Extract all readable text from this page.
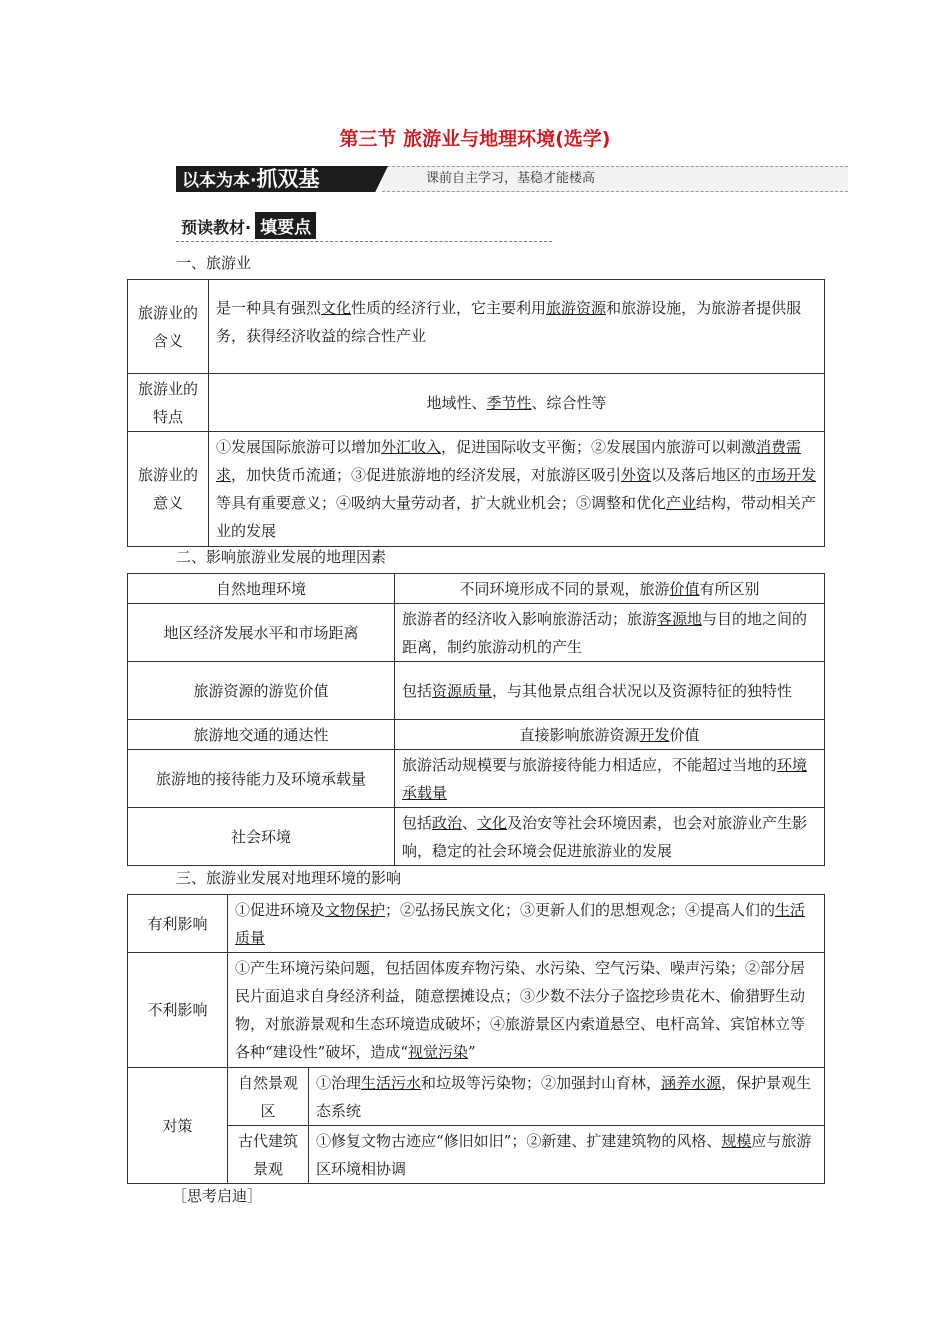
第三节 旅游业与地理环境(选学)
以本为本·抓双基	课前自主学习，基稳才能楼高
预读教材· 填要点
一、旅游业
旅游业的含义	是一种具有强烈文化性质的经济行业，它主要利用旅游资源和旅游设施，为旅游者提供服务，获得经济收益的综合性产业
旅游业的特点	地域性、季节性、综合性等
旅游业的意义	①发展国际旅游可以增加外汇收入，促进国际收支平衡；②发展国内旅游可以刺激消费需求，加快货币流通；③促进旅游地的经济发展，对旅游区吸引外资以及落后地区的市场开发等具有重要意义；④吸纳大量劳动者，扩大就业机会；⑤调整和优化产业结构，带动相关产业的发展
二、影响旅游业发展的地理因素
自然地理环境	不同环境形成不同的景观，旅游价值有所区别
地区经济发展水平和市场距离	旅游者的经济收入影响旅游活动；旅游客源地与目的地之间的距离，制约旅游动机的产生
旅游资源的游览价值	包括资源质量，与其他景点组合状况以及资源特征的独特性
旅游地交通的通达性	直接影响旅游资源开发价值
旅游地的接待能力及环境承载量	旅游活动规模要与旅游接待能力相适应，不能超过当地的环境承载量
社会环境	包括政治、文化及治安等社会环境因素，也会对旅游业产生影响，稳定的社会环境会促进旅游业的发展
三、旅游业发展对地理环境的影响
有利影响	①促进环境及文物保护；②弘扬民族文化；③更新人们的思想观念；④提高人们的生活质量	
不利影响	①产生环境污染问题，包括固体废弃物污染、水污染、空气污染、噪声污染；②部分居民片面追求自身经济利益，随意摆摊设点；③少数不法分子盗挖珍贵花木、偷猎野生动物，对旅游景观和生态环境造成破坏；④旅游景区内索道悬空、电杆高耸、宾馆林立等各种“建设性”破坏，造成“视觉污染”	
对策	自然景观区	①治理生活污水和垃圾等污染物；②加强封山育林，涵养水源，保护景观生态系统
	古代建筑景观	①修复文物古迹应“修旧如旧”；②新建、扩建建筑物的风格、规模应与旅游区环境相协调
［思考启迪］
